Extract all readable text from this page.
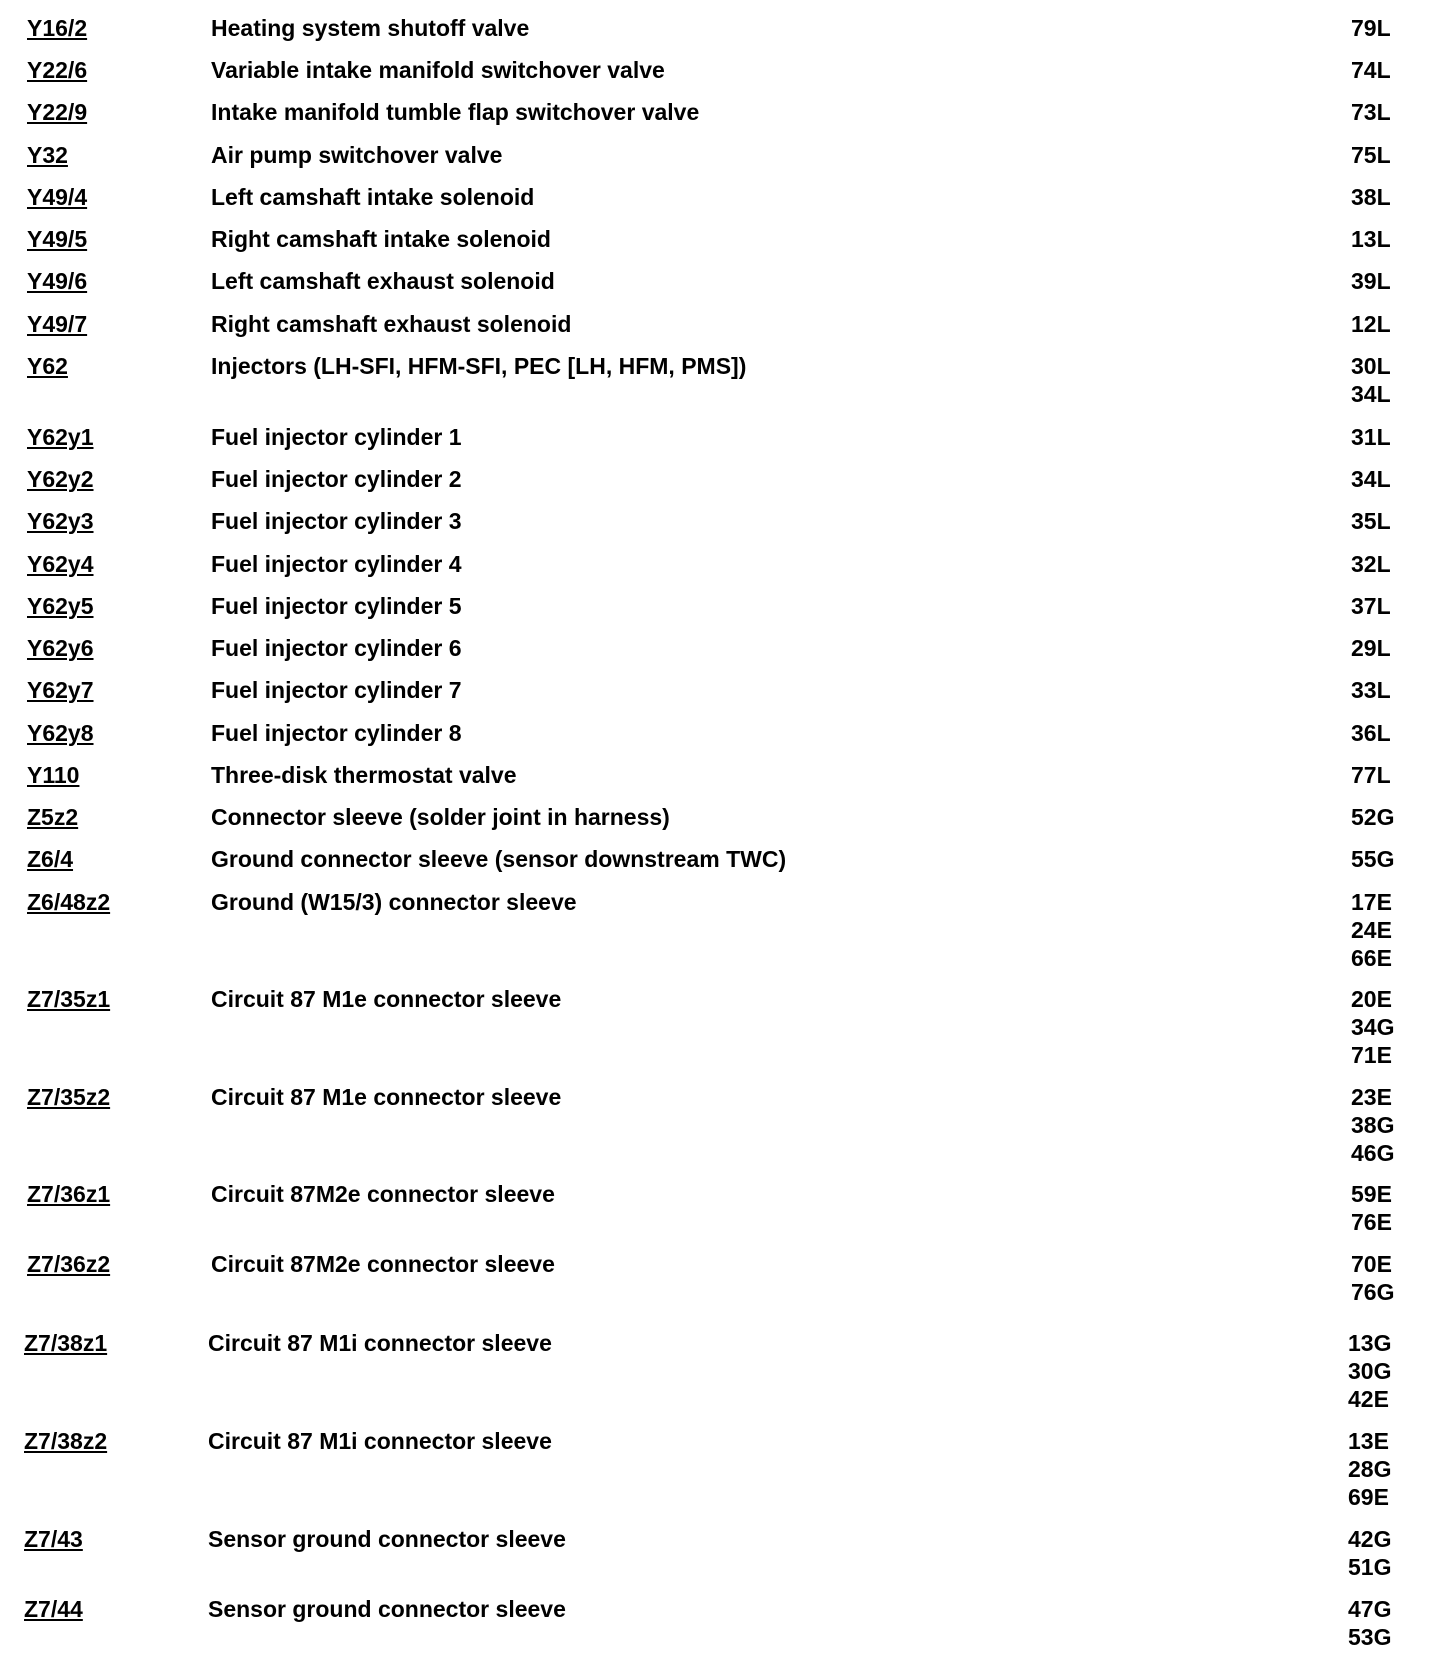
Y16/2	Heating system shutoff valve	79L
Y22/6	Variable intake manifold switchover valve	74L
Y22/9	Intake manifold tumble flap switchover valve	73L
Y32	Air pump switchover valve	75L
Y49/4	Left camshaft intake solenoid	38L
Y49/5	Right camshaft intake solenoid	13L
Y49/6	Left camshaft exhaust solenoid	39L
Y49/7	Right camshaft exhaust solenoid	12L
Y62	Injectors (LH-SFI, HFM-SFI, PEC [LH, HFM, PMS])	30L
34L
Y62y1	Fuel injector cylinder 1	31L
Y62y2	Fuel injector cylinder 2	34L
Y62y3	Fuel injector cylinder 3	35L
Y62y4	Fuel injector cylinder 4	32L
Y62y5	Fuel injector cylinder 5	37L
Y62y6	Fuel injector cylinder 6	29L
Y62y7	Fuel injector cylinder 7	33L
Y62y8	Fuel injector cylinder 8	36L
Y110	Three-disk thermostat valve	77L
Z5z2	Connector sleeve (solder joint in harness)	52G
Z6/4	Ground connector sleeve (sensor downstream TWC)	55G
Z6/48z2	Ground (W15/3) connector sleeve	17E
24E
66E
Z7/35z1	Circuit 87 M1e connector sleeve	20E
34G
71E
Z7/35z2	Circuit 87 M1e connector sleeve	23E
38G
46G
Z7/36z1	Circuit 87M2e connector sleeve	59E
76E
Z7/36z2	Circuit 87M2e connector sleeve	70E
76G
Z7/38z1	Circuit 87 M1i connector sleeve	13G
30G
42E
Z7/38z2	Circuit 87 M1i connector sleeve	13E
28G
69E
Z7/43	Sensor ground connector sleeve	42G
51G
Z7/44	Sensor ground connector sleeve	47G
53G
